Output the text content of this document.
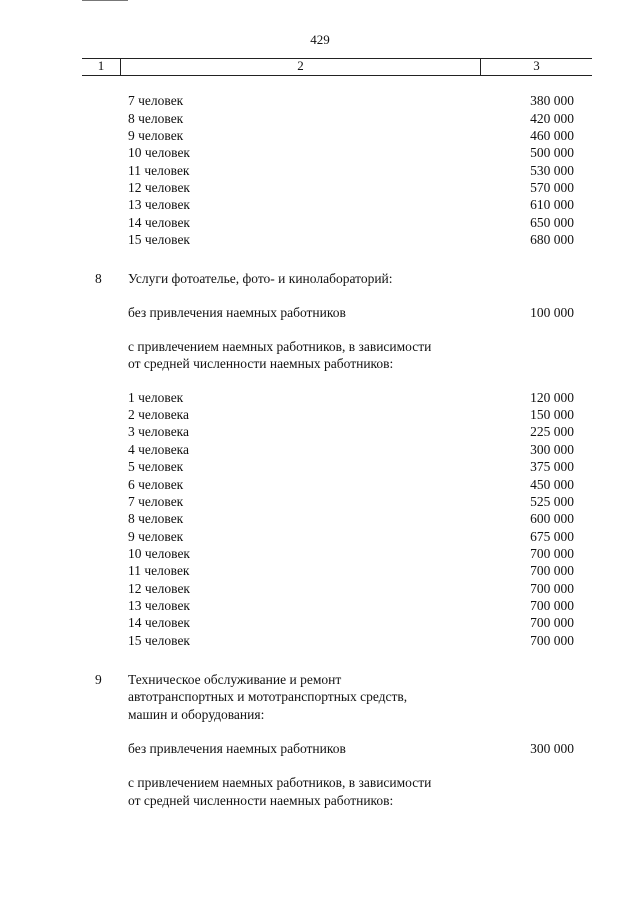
429
1	2	3
7 человек	380 000
8 человек	420 000
9 человек	460 000
10 человек	500 000
11 человек	530 000
12 человек	570 000
13 человек	610 000
14 человек	650 000
15 человек	680 000
8 Услуги фотоателье, фото- и кинолабораторий:
без привлечения наемных работников	100 000
с привлечением наемных работников, в зависимости
от средней численности наемных работников:
1 человек	120 000
2 человека	150 000
3 человека	225 000
4 человека	300 000
5 человек	375 000
6 человек	450 000
7 человек	525 000
8 человек	600 000
9 человек	675 000
10 человек	700 000
11 человек	700 000
12 человек	700 000
13 человек	700 000
14 человек	700 000
15 человек	700 000
9 Техническое обслуживание и ремонт
автотранспортных и мототранспортных средств,
машин и оборудования:
без привлечения наемных работников	300 000
с привлечением наемных работников, в зависимости
от средней численности наемных работников:
